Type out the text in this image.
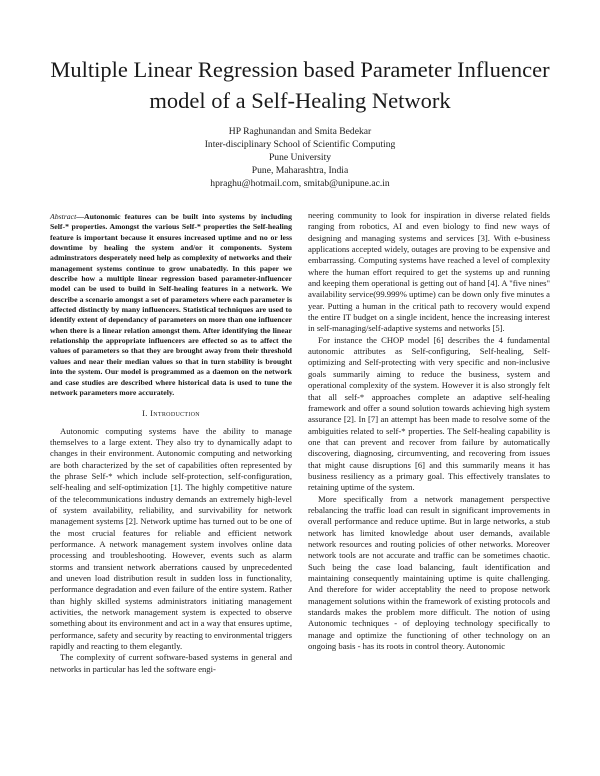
Multiple Linear Regression based Parameter Influencer model of a Self-Healing Network
HP Raghunandan and Smita Bedekar
Inter-disciplinary School of Scientific Computing
Pune University
Pune, Maharashtra, India
hpraghu@hotmail.com, smitab@unipune.ac.in

Abstract—Autonomic features can be built into systems by including Self-* properties. Amongst the various Self-* properties the Self-healing feature is important because it ensures increased uptime and no or less downtime by healing the system and/or it components. System adminstrators desperately need help as complexity of networks and their management systems continue to grow unabatedly. In this paper we describe how a multiple linear regression based parameter-influencer model can be used to build in Self-healing features in a network. We describe a scenario amongst a set of parameters where each parameter is affected distinctly by many influencers. Statistical techniques are used to identify extent of dependancy of parameters on more than one influencer when there is a linear relation amongst them. After identifying the linear relationship the appropriate influencers are effected so as to affect the values of parameters so that they are brought away from their threshold values and near their median values so that in turn stability is brought into the system. Our model is programmed as a daemon on the network and case studies are described where historical data is used to tune the network parameters more accurately.

I. Introduction

Autonomic computing systems have the ability to manage themselves to a large extent. They also try to dynamically adapt to changes in their environment. Autonomic computing and networking are both characterized by the set of capabilities often represented by the phrase Self-* which include self-protection, self-configuration, self-healing and self-optimization [1]. The highly competitive nature of the telecommunications industry demands an extremely high-level of system availability, reliability, and survivability for network management systems [2]. Network uptime has turned out to be one of the most crucial features for reliable and efficient network performance. A network management system involves online data processing and troubleshooting. However, events such as alarm storms and transient network aberrations caused by unprecedented and uneven load distribution result in sudden loss in functionality, performance degradation and even failure of the entire system. Rather than highly skilled systems administrators initiating management activities, the network management system is expected to observe something about its environment and act in a way that ensures uptime, performance, safety and security by reacting to environmental triggers rapidly and reacting to them elegantly.

The complexity of current software-based systems in general and networks in particular has led the software engi-

neering community to look for inspiration in diverse related fields ranging from robotics, AI and even biology to find new ways of designing and managing systems and services [3]. With e-business applications accepted widely, outages are proving to be expensive and embarrassing. Computing systems have reached a level of complexity where the human effort required to get the systems up and running and keeping them operational is getting out of hand [4]. A "five nines" availability service(99.999% uptime) can be down only five minutes a year. Putting a human in the critical path to recovery would expend the entire IT budget on a single incident, hence the increasing interest in self-managing/self-adaptive systems and networks [5].

For instance the CHOP model [6] describes the 4 fundamental autonomic attributes as Self-configuring, Self-healing, Self-optimizing and Self-protecting with very specific and non-inclusive goals summarily aiming to reduce the business, system and operational complexity of the system. However it is also strongly felt that all self-* approaches complete an adaptive self-healing framework and offer a sound solution towards achieving high system assurance [2]. In [7] an attempt has been made to resolve some of the ambiguities related to self-* properties. The Self-healing capability is one that can prevent and recover from failure by automatically discovering, diagnosing, circumventing, and recovering from issues that might cause disruptions [6] and this summarily means it has business resiliency as a primary goal. This effectively translates to retaining uptime of the system.

More specifically from a network management perspective rebalancing the traffic load can result in significant improvements in overall performance and reduce uptime. But in large networks, a stub network has limited knowledge about user demands, available network resources and routing policies of other networks. Moreover network tools are not accurate and traffic can be sometimes chaotic. Such being the case load balancing, fault identification and maintaining consequently maintaining uptime is quite challenging. And therefore for wider acceptablity the need to propose network management solutions within the framework of existing protocols and standards makes the problem more difficult. The notion of using Autonomic techniques - of deploying technology specifically to manage and optimize the functioning of other technology on an ongoing basis - has its roots in control theory. Autonomic
